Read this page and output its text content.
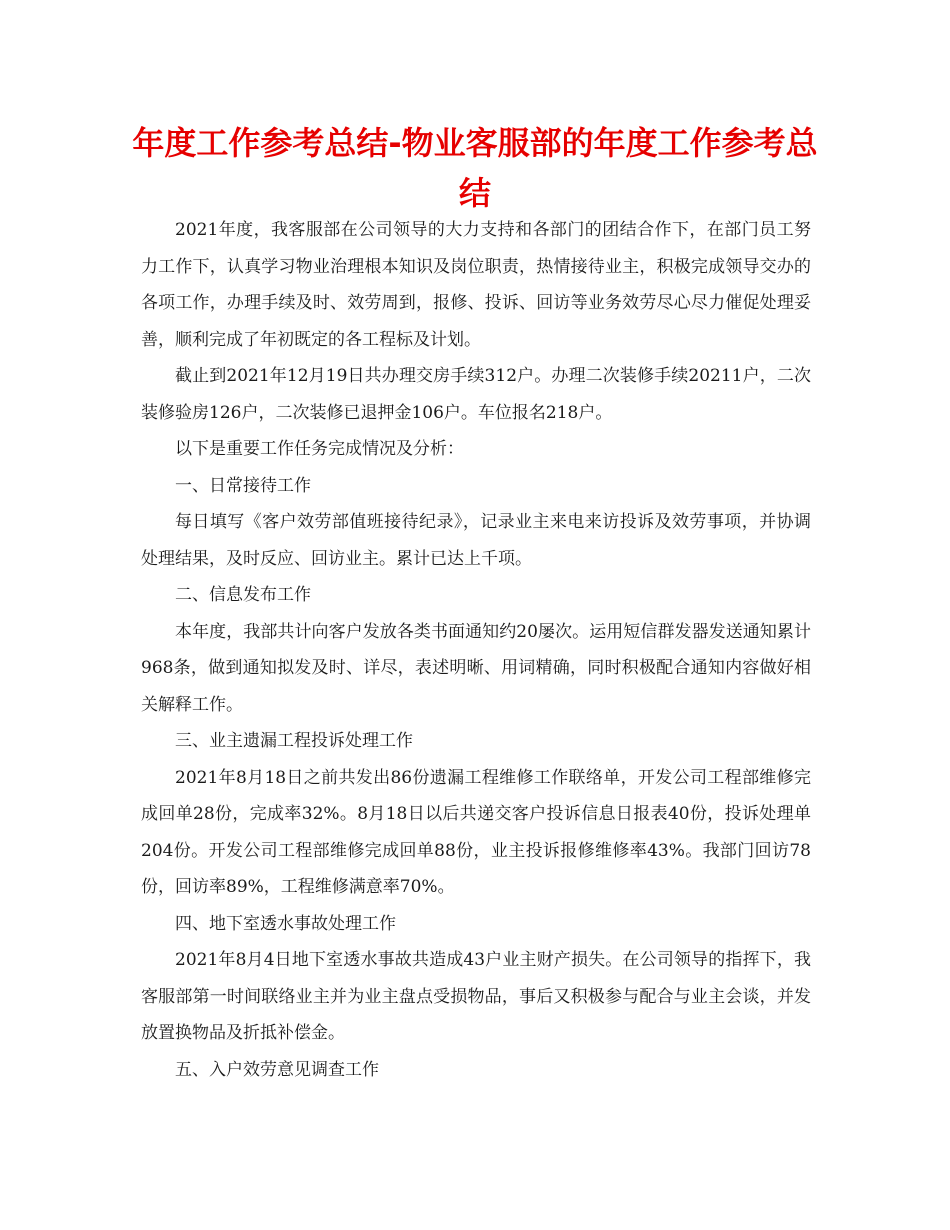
年度工作参考总结-物业客服部的年度工作参考总结

2021年度，我客服部在公司领导的大力支持和各部门的团结合作下，在部门员工努力工作下，认真学习物业治理根本知识及岗位职责，热情接待业主，积极完成领导交办的各项工作，办理手续及时、效劳周到，报修、投诉、回访等业务效劳尽心尽力催促处理妥善，顺利完成了年初既定的各工程标及计划。

截止到2021年12月19日共办理交房手续312户。办理二次装修手续20211户，二次装修验房126户，二次装修已退押金106户。车位报名218户。

以下是重要工作任务完成情况及分析：

一、日常接待工作

每日填写《客户效劳部值班接待纪录》，记录业主来电来访投诉及效劳事项，并协调处理结果，及时反应、回访业主。累计已达上千项。

二、信息发布工作

本年度，我部共计向客户发放各类书面通知约20屡次。运用短信群发器发送通知累计968条，做到通知拟发及时、详尽，表述明晰、用词精确，同时积极配合通知内容做好相关解释工作。

三、业主遗漏工程投诉处理工作

2021年8月18日之前共发出86份遗漏工程维修工作联络单，开发公司工程部维修完成回单28份，完成率32%。8月18日以后共递交客户投诉信息日报表40份，投诉处理单204份。开发公司工程部维修完成回单88份，业主投诉报修维修率43%。我部门回访78份，回访率89%，工程维修满意率70%。

四、地下室透水事故处理工作

2021年8月4日地下室透水事故共造成43户业主财产损失。在公司领导的指挥下，我客服部第一时间联络业主并为业主盘点受损物品，事后又积极参与配合与业主会谈，并发放置换物品及折抵补偿金。

五、入户效劳意见调查工作
